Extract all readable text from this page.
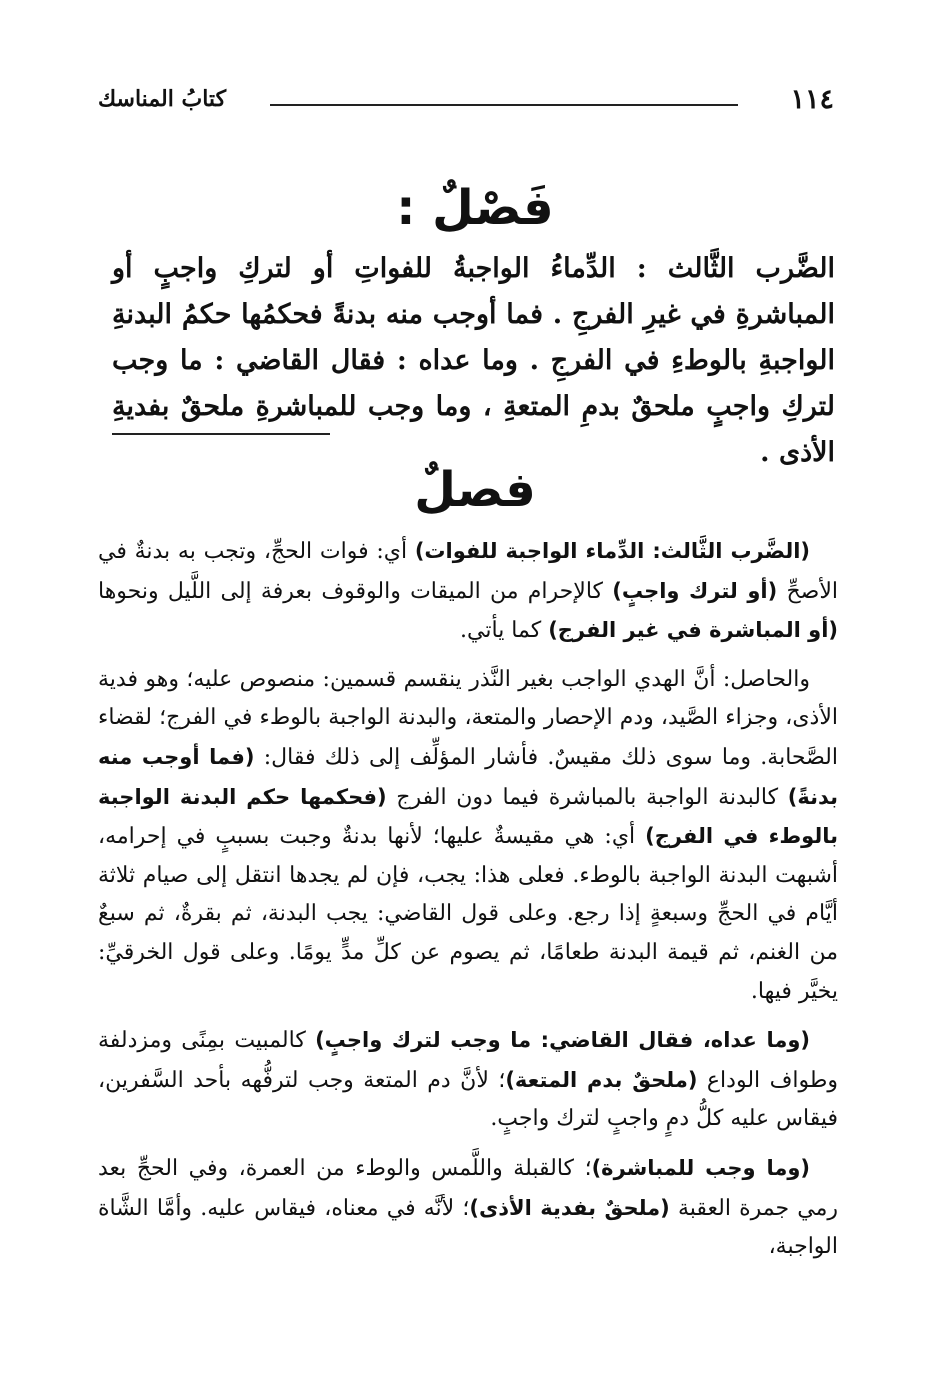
١١٤
كتابُ المناسك
فَصْلٌ :
الضَّرب الثَّالث : الدِّماءُ الواجبةُ للفواتِ أو لتركِ واجبٍ أو المباشرةِ في غيرِ الفرجِ . فما أوجب منه بدنةً فحكمُها حكمُ البدنةِ الواجبةِ بالوطءِ في الفرجِ . وما عداه : فقال القاضي : ما وجب لتركِ واجبٍ ملحقٌ بدمِ المتعةِ ، وما وجب للمباشرةِ ملحقٌ بفديةِ الأذى .
فصلٌ

(الضَّرب الثَّالث: الدِّماء الواجبة للفوات) أي: فوات الحجِّ، وتجب به بدنةٌ في الأصحِّ (أو لترك واجبٍ) كالإحرام من الميقات والوقوف بعرفة إلى اللَّيل ونحوها (أو المباشرة في غير الفرج) كما يأتي.

والحاصل: أنَّ الهدي الواجب بغير النَّذر ينقسم قسمين: منصوص عليه؛ وهو فدية الأذى، وجزاء الصَّيد، ودم الإحصار والمتعة، والبدنة الواجبة بالوطء في الفرج؛ لقضاء الصَّحابة. وما سوى ذلك مقيسٌ. فأشار المؤلِّف إلى ذلك فقال: (فما أوجب منه بدنةً) كالبدنة الواجبة بالمباشرة فيما دون الفرج (فحكمها حكم البدنة الواجبة بالوطء في الفرج) أي: هي مقيسةٌ عليها؛ لأنها بدنةٌ وجبت بسببٍ في إحرامه، أشبهت البدنة الواجبة بالوطء. فعلى هذا: يجب، فإن لم يجدها انتقل إلى صيام ثلاثة أيَّام في الحجِّ وسبعةٍ إذا رجع. وعلى قول القاضي: يجب البدنة، ثم بقرةٌ، ثم سبعٌ من الغنم، ثم قيمة البدنة طعامًا، ثم يصوم عن كلِّ مدٍّ يومًا. وعلى قول الخرقيِّ: يخيَّر فيها.

(وما عداه، فقال القاضي: ما وجب لترك واجبٍ) كالمبيت بمِنًى ومزدلفة وطواف الوداع (ملحقٌ بدم المتعة)؛ لأنَّ دم المتعة وجب لترفُّهه بأحد السَّفرين، فيقاس عليه كلُّ دمٍ واجبٍ لترك واجبٍ.

(وما وجب للمباشرة)؛ كالقبلة واللَّمس والوطء من العمرة، وفي الحجِّ بعد رمي جمرة العقبة (ملحقٌ بفدية الأذى)؛ لأنَّه في معناه، فيقاس عليه. وأمَّا الشَّاة الواجبة،
